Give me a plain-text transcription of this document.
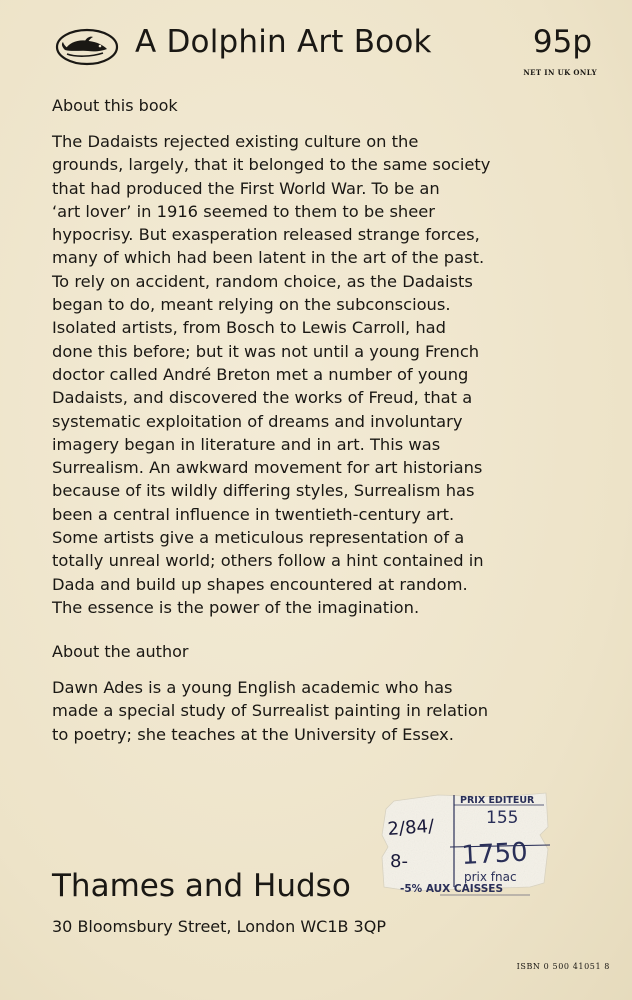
A Dolphin Art Book	95p
NET IN UK ONLY
About this book
The Dadaists rejected existing culture on the
grounds, largely, that it belonged to the same society
that had produced the First World War. To be an
‘art lover’ in 1916 seemed to them to be sheer
hypocrisy. But exasperation released strange forces,
many of which had been latent in the art of the past.
To rely on accident, random choice, as the Dadaists
began to do, meant relying on the subconscious.
Isolated artists, from Bosch to Lewis Carroll, had
done this before; but it was not until a young French
doctor called André Breton met a number of young
Dadaists, and discovered the works of Freud, that a
systematic exploitation of dreams and involuntary
imagery began in literature and in art. This was
Surrealism. An awkward movement for art historians
because of its wildly differing styles, Surrealism has
been a central influence in twentieth-century art.
Some artists give a meticulous representation of a
totally unreal world; others follow a hint contained in
Dada and build up shapes encountered at random.
The essence is the power of the imagination.
About the author
Dawn Ades is a young English academic who has
made a special study of Surrealist painting in relation
to poetry; she teaches at the University of Essex.
Thames and Hudso
30 Bloomsbury Street, London WC1B 3QP
ISBN 0 500 41051 8
PRIX EDITEUR
2/84/	155
8- 1750
prix fnac
-5% AUX CAISSES
